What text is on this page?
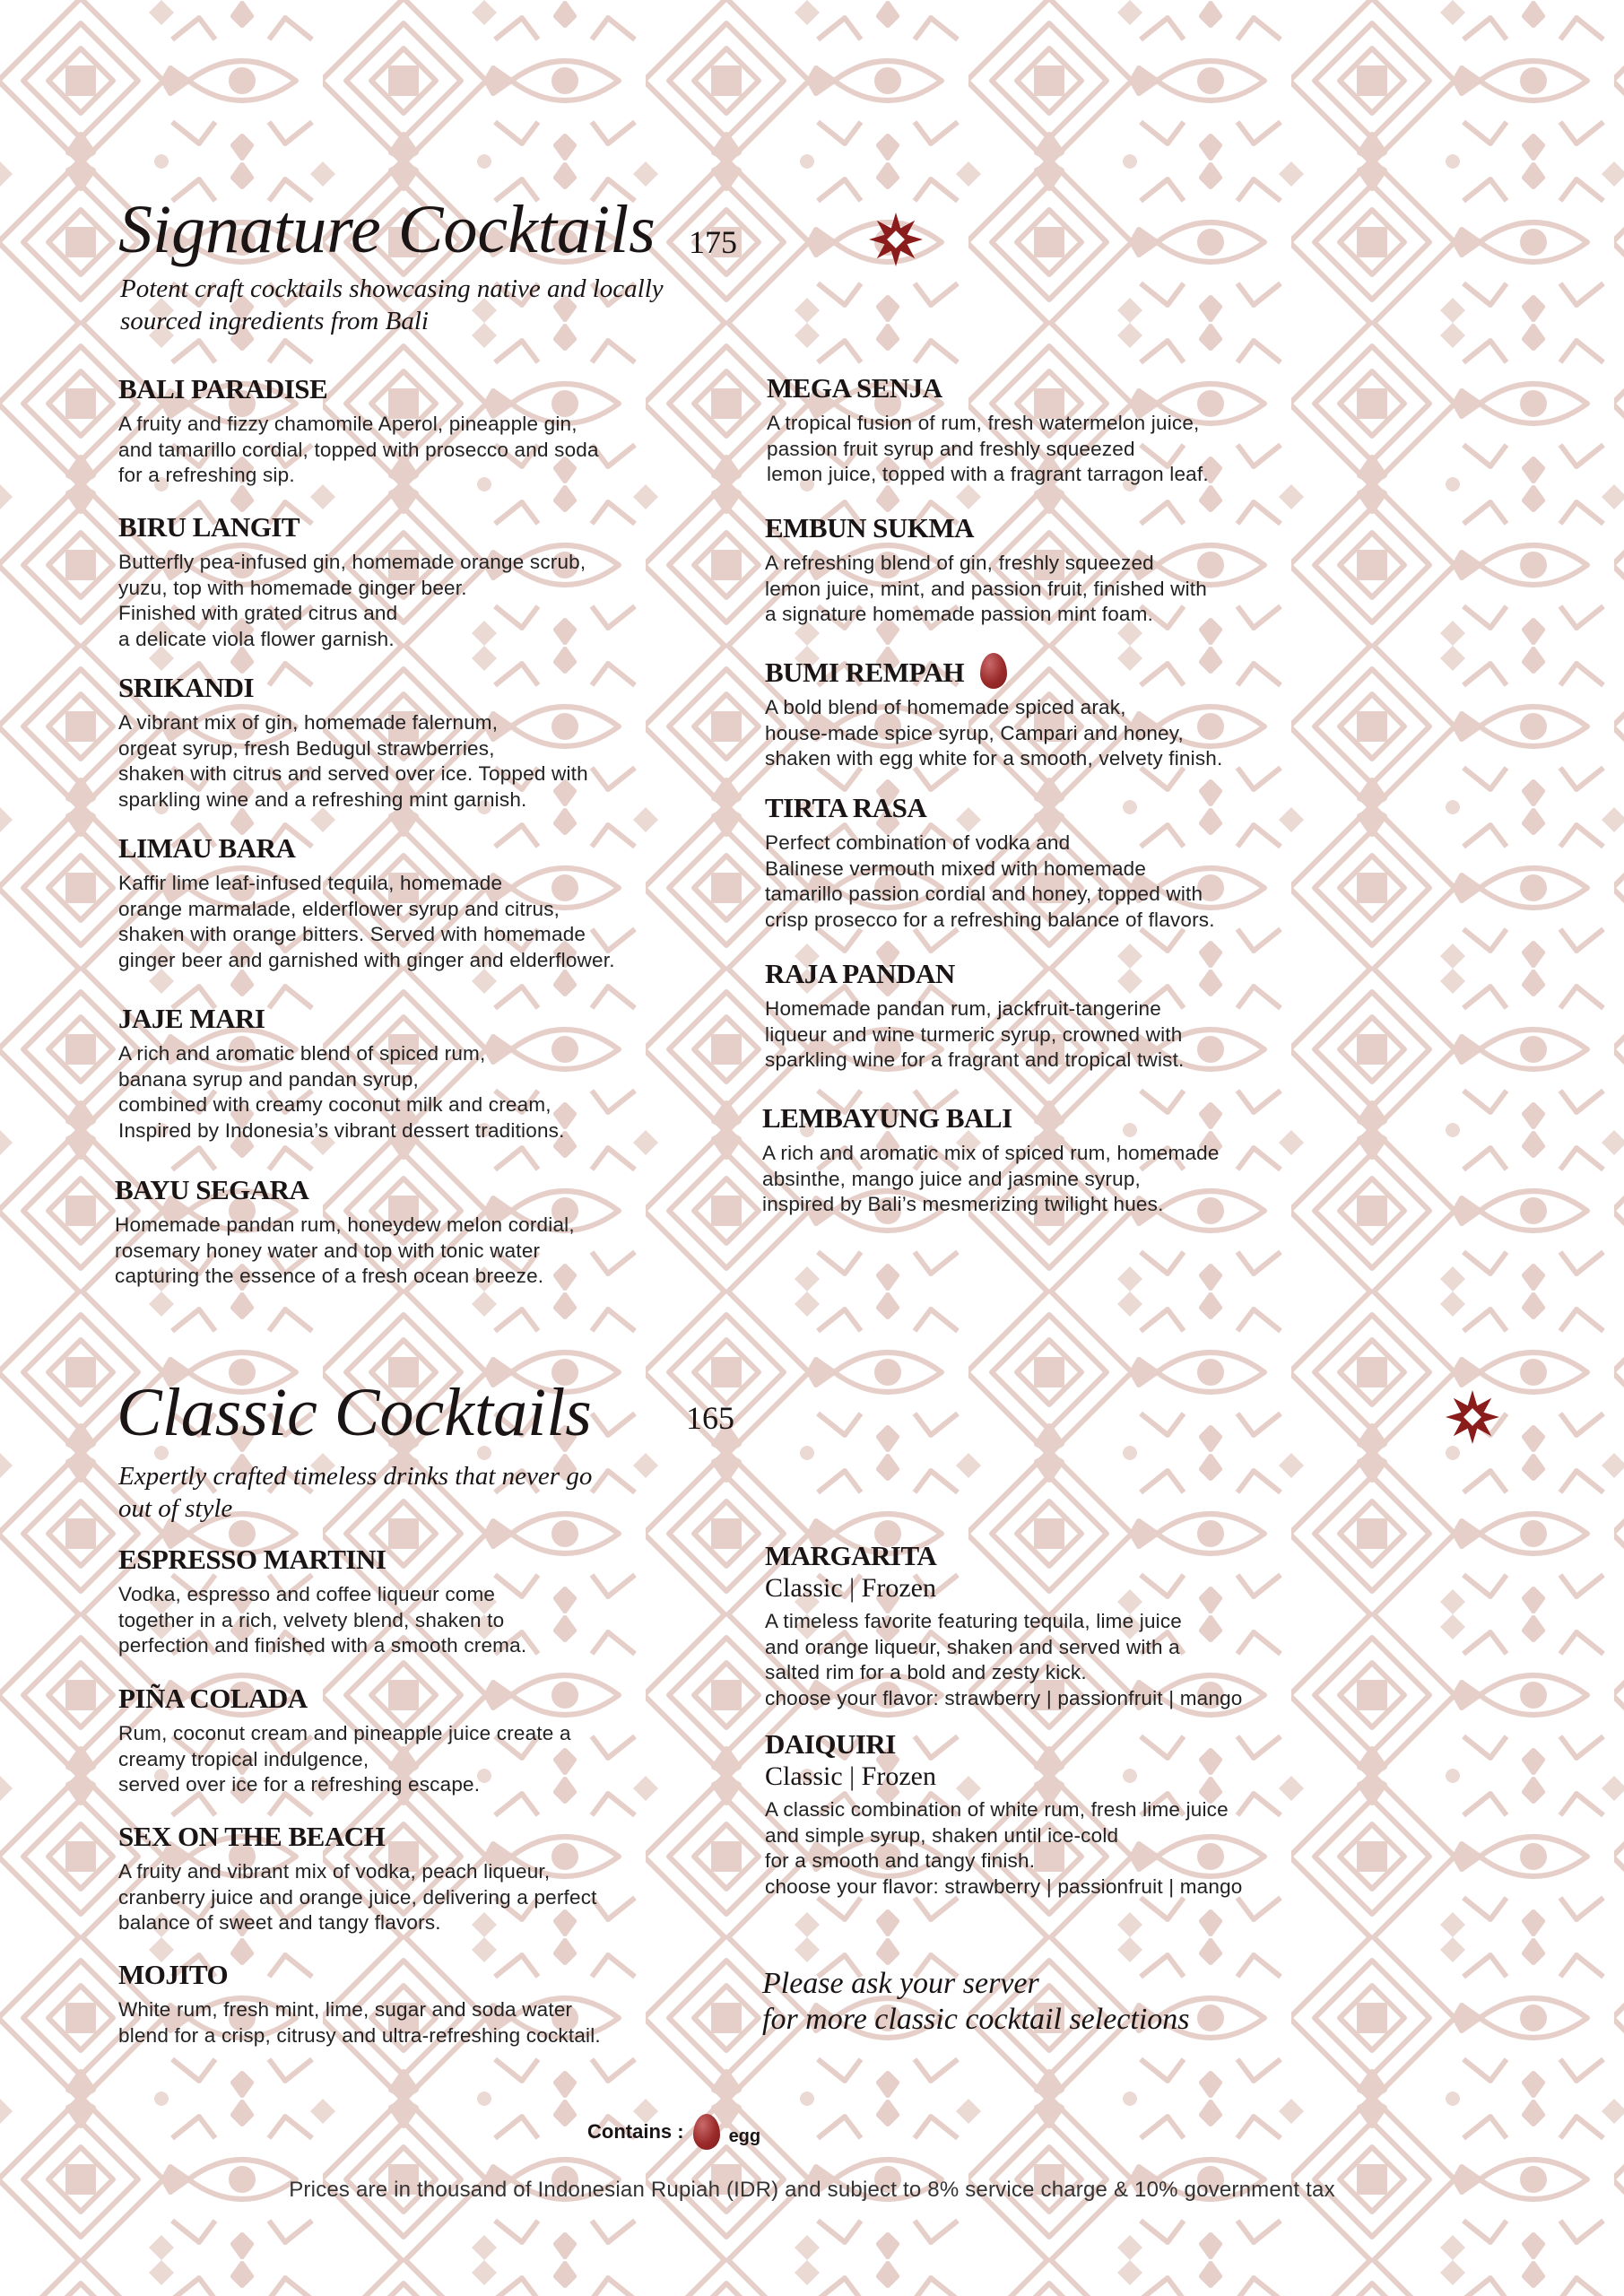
Signature Cocktails 175

Potent craft cocktails showcasing native and locally sourced ingredients from Bali

BALI PARADISE
A fruity and fizzy chamomile Aperol, pineapple gin,
and tamarillo cordial, topped with prosecco and soda
for a refreshing sip.
BIRU LANGIT
Butterfly pea-infused gin, homemade orange scrub,
yuzu, top with homemade ginger beer.
Finished with grated citrus and
a delicate viola flower garnish.
SRIKANDI
A vibrant mix of gin, homemade falernum,
orgeat syrup, fresh Bedugul strawberries,
shaken with citrus and served over ice. Topped with
sparkling wine and a refreshing mint garnish.
LIMAU BARA
Kaffir lime leaf-infused tequila, homemade
orange marmalade, elderflower syrup and citrus,
shaken with orange bitters. Served with homemade
ginger beer and garnished with ginger and elderflower.
JAJE MARI
A rich and aromatic blend of spiced rum,
banana syrup and pandan syrup,
combined with creamy coconut milk and cream,
Inspired by Indonesia’s vibrant dessert traditions.
BAYU SEGARA
Homemade pandan rum, honeydew melon cordial,
rosemary honey water and top with tonic water
capturing the essence of a fresh ocean breeze.
MEGA SENJA
A tropical fusion of rum, fresh watermelon juice,
passion fruit syrup and freshly squeezed
lemon juice, topped with a fragrant tarragon leaf.
EMBUN SUKMA
A refreshing blend of gin, freshly squeezed
lemon juice, mint, and passion fruit, finished with
a signature homemade passion mint foam.
BUMI REMPAH
A bold blend of homemade spiced arak,
house-made spice syrup, Campari and honey,
shaken with egg white for a smooth, velvety finish.
TIRTA RASA
Perfect combination of vodka and
Balinese vermouth mixed with homemade
tamarillo passion cordial and honey, topped with
crisp prosecco for a refreshing balance of flavors.
RAJA PANDAN
Homemade pandan rum, jackfruit-tangerine
liqueur and wine turmeric syrup, crowned with
sparkling wine for a fragrant and tropical twist.
LEMBAYUNG BALI
A rich and aromatic mix of spiced rum, homemade
absinthe, mango juice and jasmine syrup,
inspired by Bali’s mesmerizing twilight hues.
Classic Cocktails	165

Expertly crafted timeless drinks that never go out of style

ESPRESSO MARTINI
Vodka, espresso and coffee liqueur come
together in a rich, velvety blend, shaken to
perfection and finished with a smooth crema.
PIÑA COLADA
Rum, coconut cream and pineapple juice create a
creamy tropical indulgence,
served over ice for a refreshing escape.
SEX ON THE BEACH
A fruity and vibrant mix of vodka, peach liqueur,
cranberry juice and orange juice, delivering a perfect
balance of sweet and tangy flavors.
MOJITO
White rum, fresh mint, lime, sugar and soda water
blend for a crisp, citrusy and ultra-refreshing cocktail.
MARGARITA
Classic | Frozen
A timeless favorite featuring tequila, lime juice
and orange liqueur, shaken and served with a
salted rim for a bold and zesty kick.
choose your flavor: strawberry | passionfruit | mango
DAIQUIRI
Classic | Frozen
A classic combination of white rum, fresh lime juice
and simple syrup, shaken until ice-cold
for a smooth and tangy finish.
choose your flavor: strawberry | passionfruit | mango
Please ask your server
for more classic cocktail selections
Contains :	egg
Prices are in thousand of Indonesian Rupiah (IDR) and subject to 8% service charge & 10% government tax
